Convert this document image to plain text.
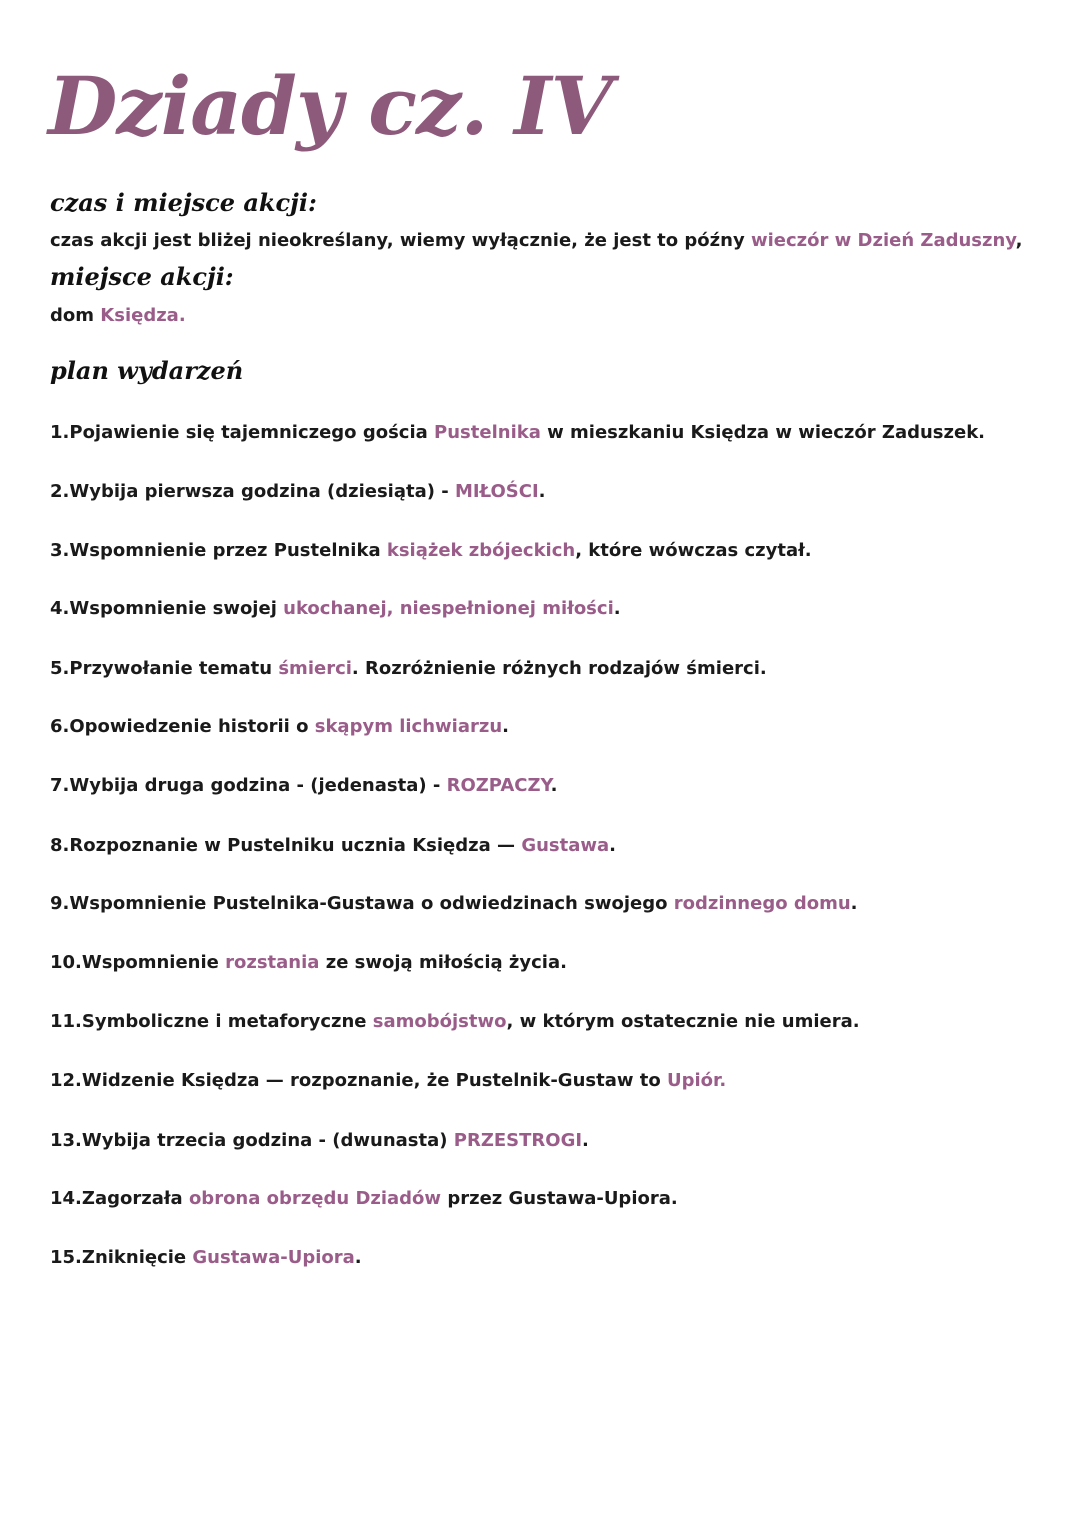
Dziady cz. IV
czas i miejsce akcji:

czas akcji jest bliżej nieokreślany, wiemy wyłącznie, że jest to późny wieczór w Dzień Zaduszny,

miejsce akcji:

dom Księdza.

plan wydarzeń

1.Pojawienie się tajemniczego gościa Pustelnika w mieszkaniu Księdza w wieczór Zaduszek.

2.Wybija pierwsza godzina (dziesiąta) - MIŁOŚCI.

3.Wspomnienie przez Pustelnika książek zbójeckich, które wówczas czytał.

4.Wspomnienie swojej ukochanej, niespełnionej miłości.

5.Przywołanie tematu śmierci. Rozróżnienie różnych rodzajów śmierci.

6.Opowiedzenie historii o skąpym lichwiarzu.

7.Wybija druga godzina - (jedenasta) - ROZPACZY.

8.Rozpoznanie w Pustelniku ucznia Księdza — Gustawa.

9.Wspomnienie Pustelnika-Gustawa o odwiedzinach swojego rodzinnego domu.

10.Wspomnienie rozstania ze swoją miłością życia.

11.Symboliczne i metaforyczne samobójstwo, w którym ostatecznie nie umiera.

12.Widzenie Księdza — rozpoznanie, że Pustelnik-Gustaw to Upiór.

13.Wybija trzecia godzina - (dwunasta) PRZESTROGI.

14.Zagorzała obrona obrzędu Dziadów przez Gustawa-Upiora.

15.Zniknięcie Gustawa-Upiora.
